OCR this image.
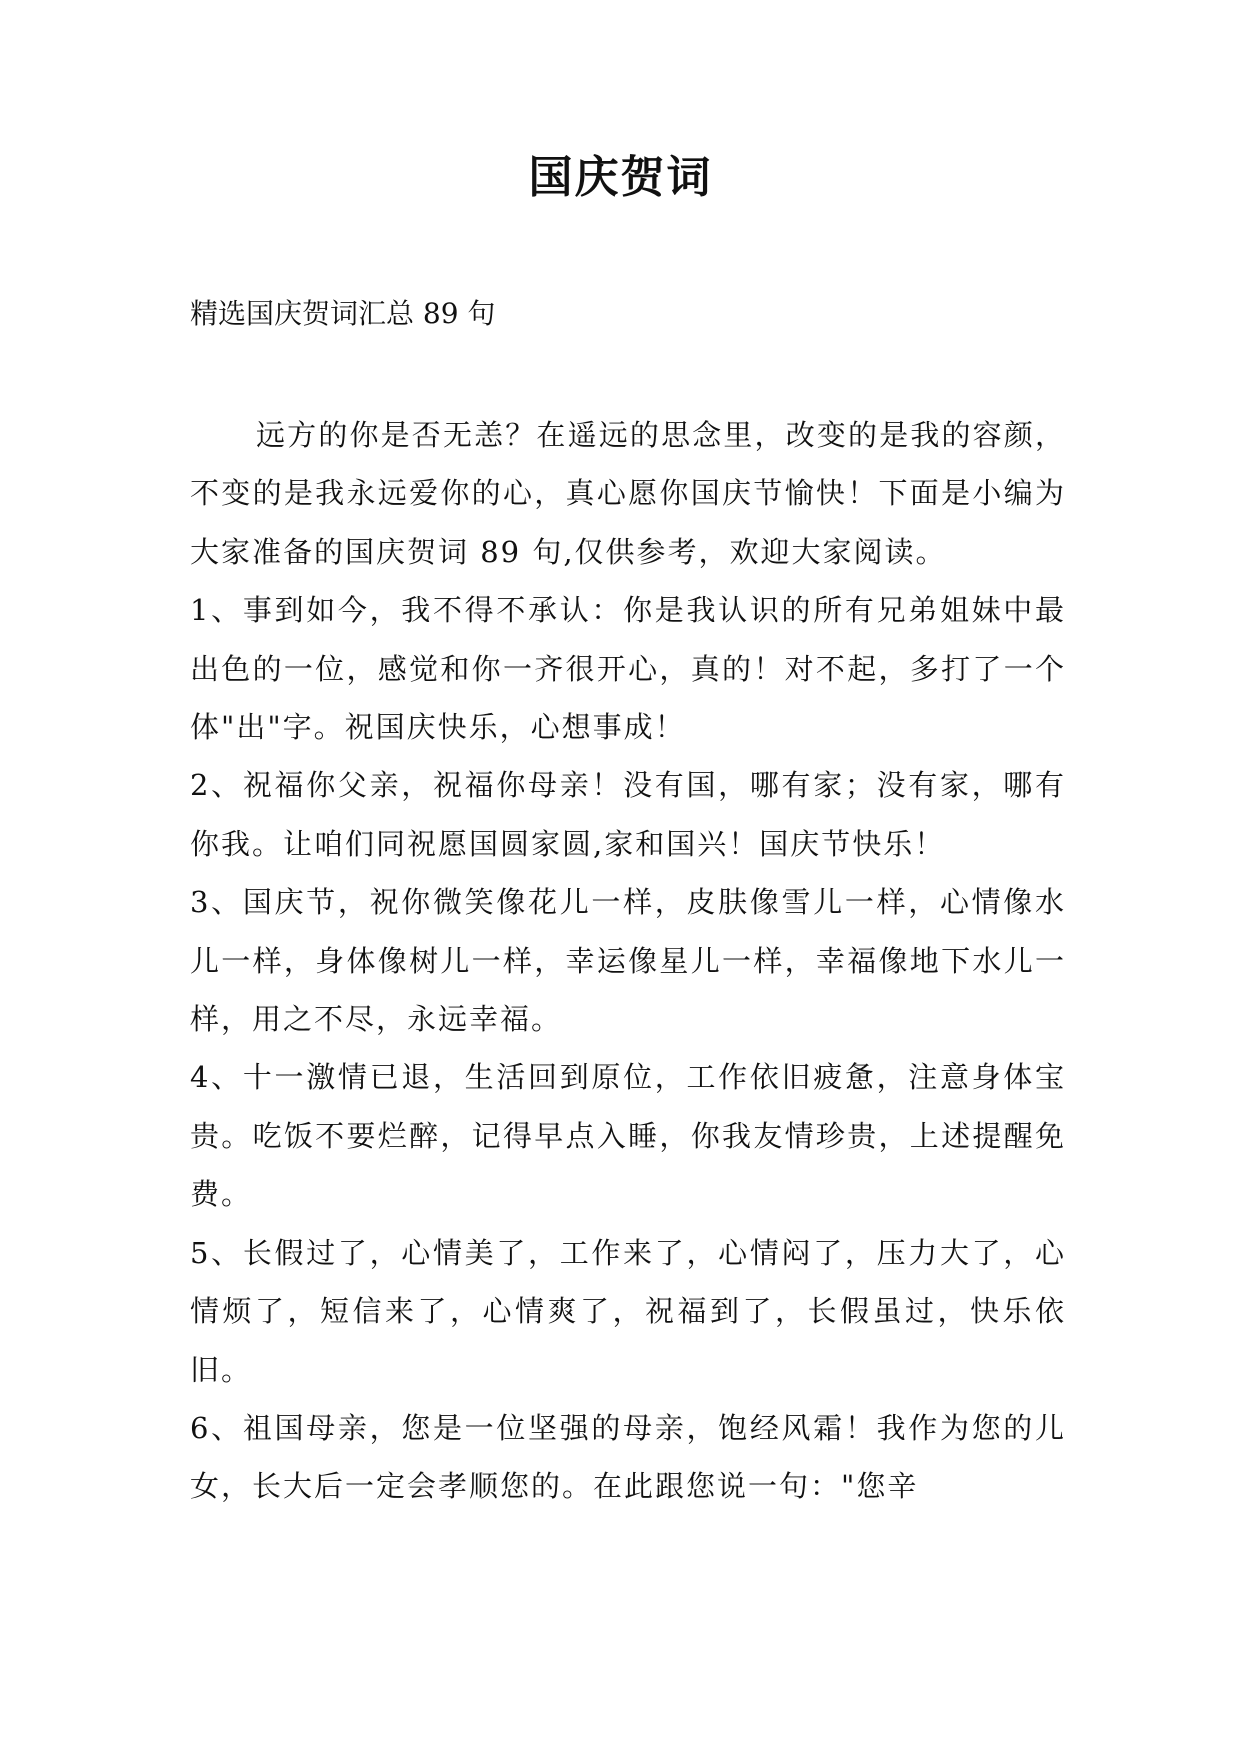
国庆贺词
精选国庆贺词汇总 89 句

远方的你是否无恙？在遥远的思念里，改变的是我的容颜，不变的是我永远爱你的心，真心愿你国庆节愉快！下面是小编为大家准备的国庆贺词 89 句,仅供参考，欢迎大家阅读。

1、事到如今，我不得不承认：你是我认识的所有兄弟姐妹中最出色的一位，感觉和你一齐很开心，真的！对不起，多打了一个体"出"字。祝国庆快乐，心想事成！

2、祝福你父亲，祝福你母亲！没有国，哪有家；没有家，哪有你我。让咱们同祝愿国圆家圆,家和国兴！国庆节快乐！

3、国庆节，祝你微笑像花儿一样，皮肤像雪儿一样，心情像水儿一样，身体像树儿一样，幸运像星儿一样，幸福像地下水儿一样，用之不尽，永远幸福。

4、十一激情已退，生活回到原位，工作依旧疲惫，注意身体宝贵。吃饭不要烂醉，记得早点入睡，你我友情珍贵，上述提醒免费。

5、长假过了，心情美了，工作来了，心情闷了，压力大了，心情烦了，短信来了，心情爽了，祝福到了，长假虽过，快乐依旧。

6、祖国母亲，您是一位坚强的母亲，饱经风霜！我作为您的儿女，长大后一定会孝顺您的。在此跟您说一句："您辛
